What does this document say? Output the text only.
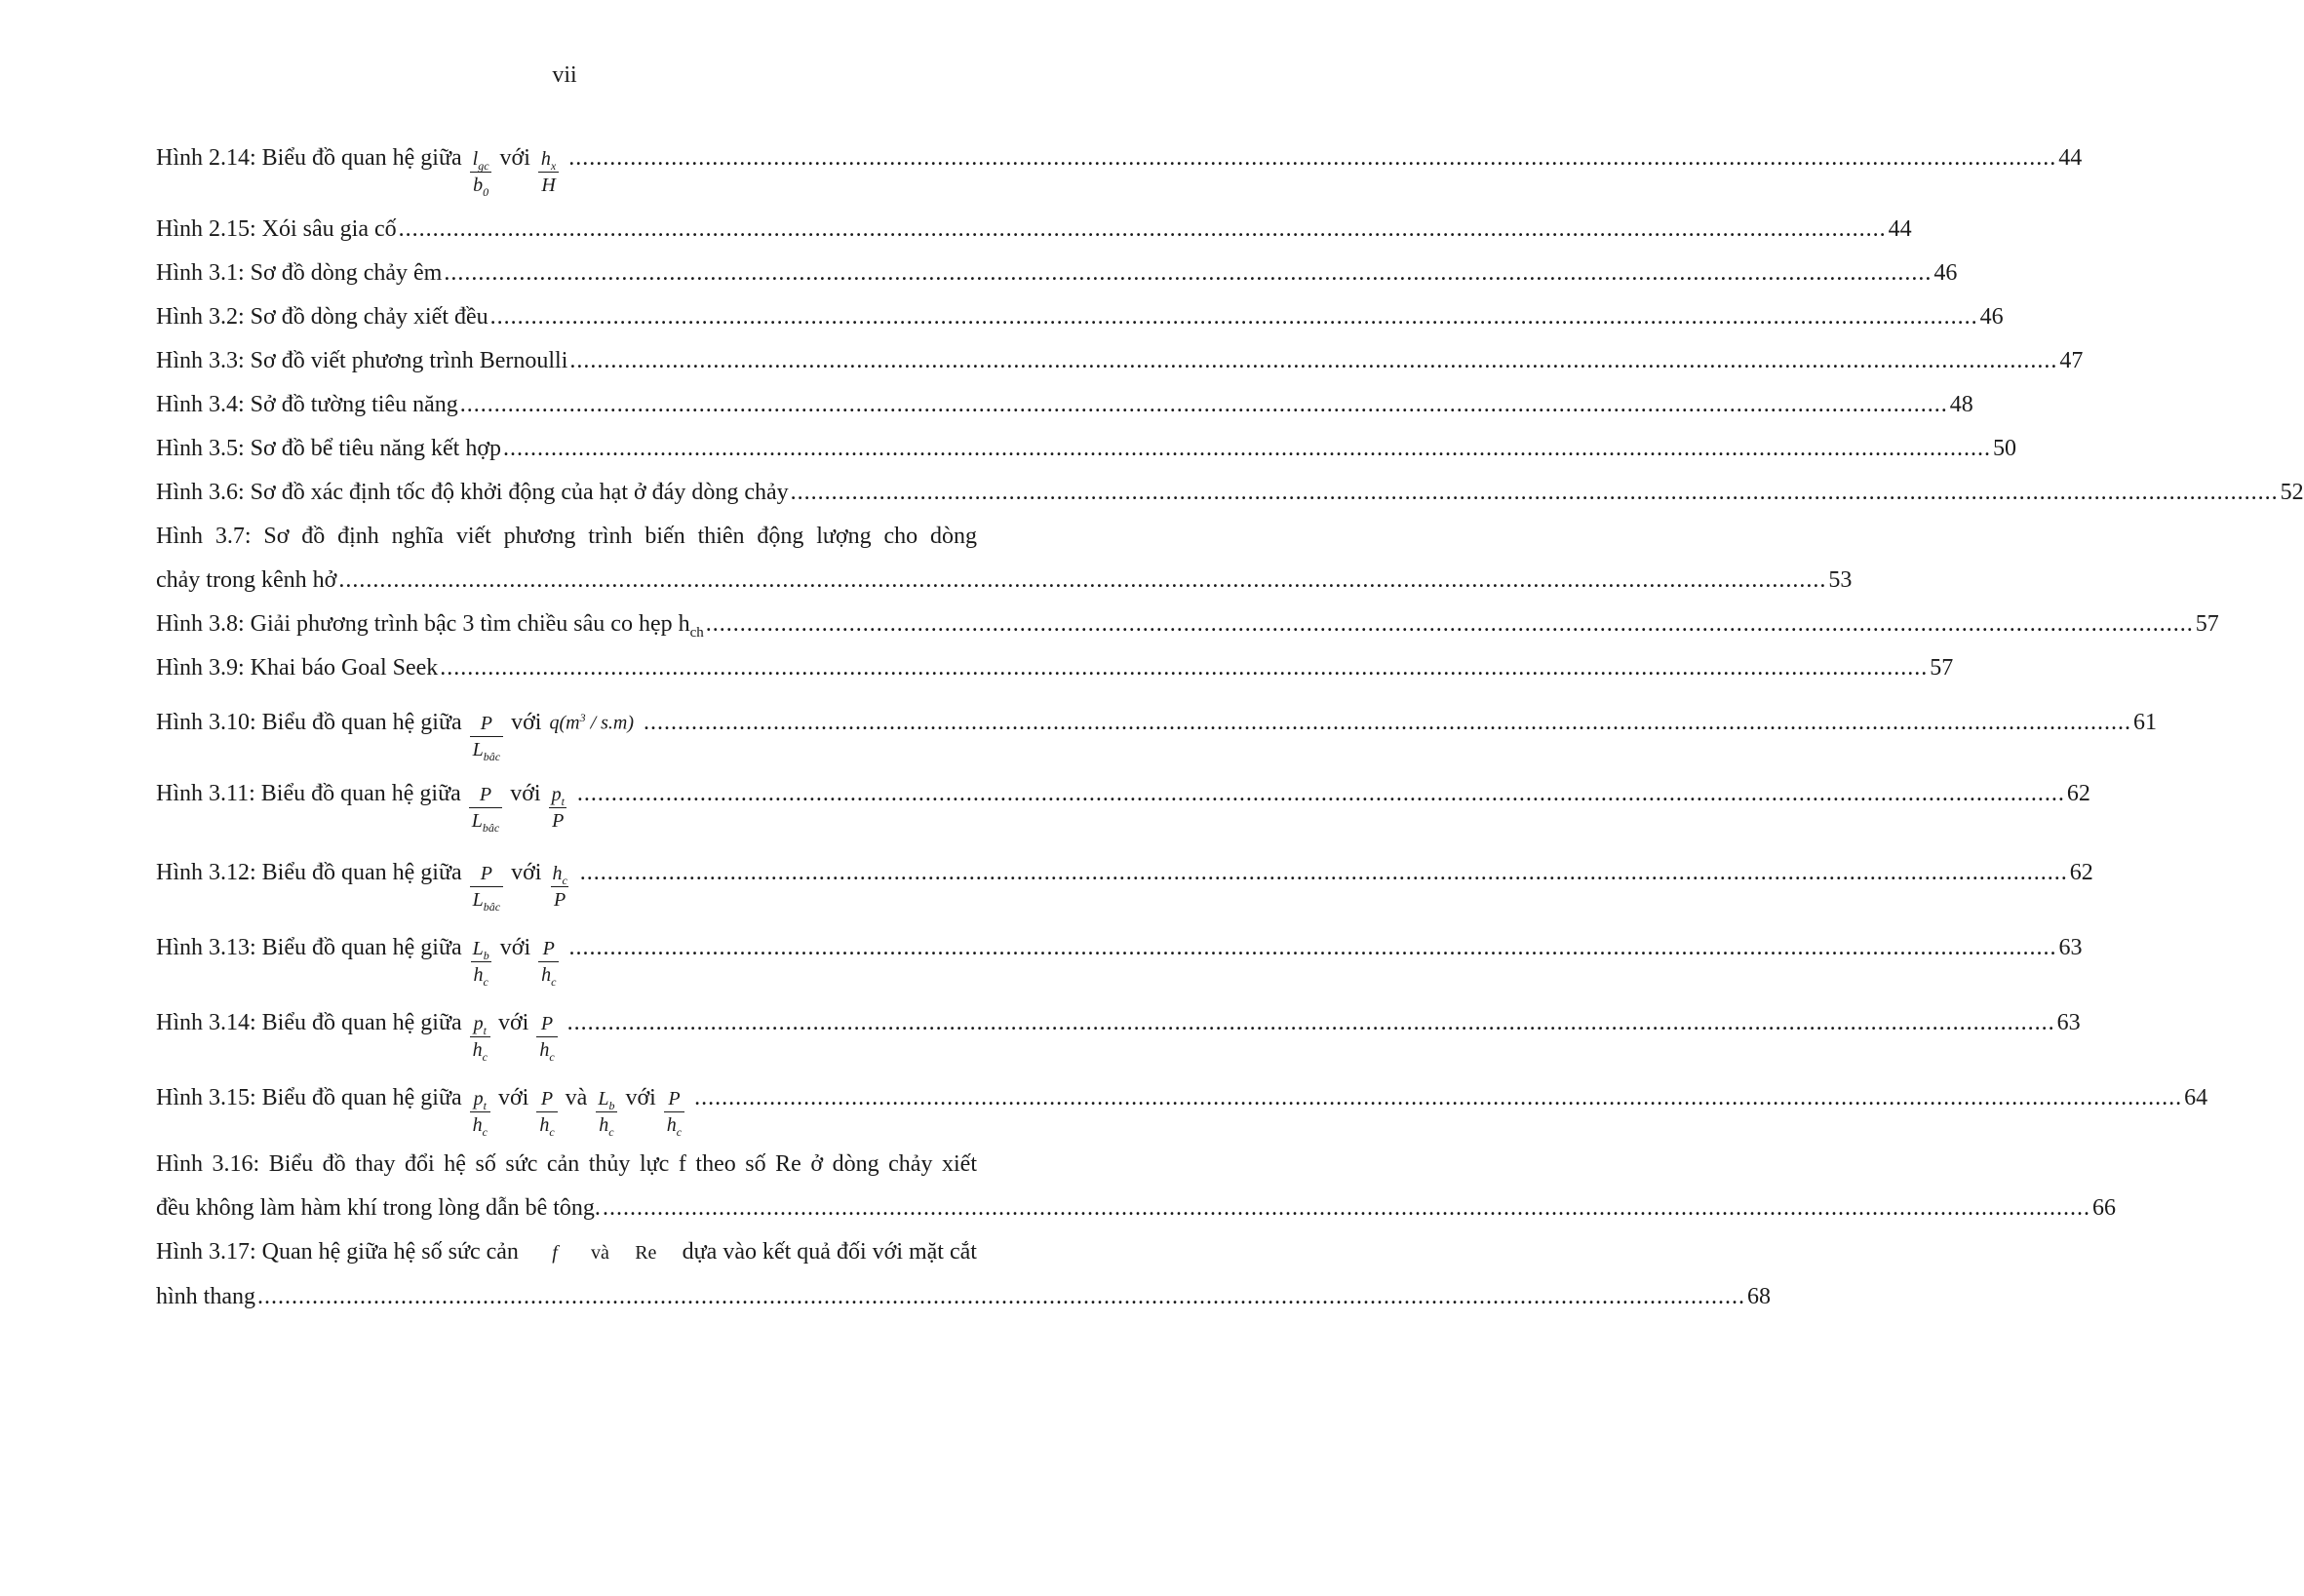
vii
Hình 2.14: Biểu đồ quan hệ giữa $\frac{l_{gc}}{b_0}$ với $\frac{h_x}{H}$ .......................................................................................................................................................................................................................... 44
Hình 2.15: Xói sâu gia cố .......................................................................................................................................................................................................................... 44
Hình 3.1: Sơ đồ dòng chảy êm .......................................................................................................................................................................................................................... 46
Hình 3.2: Sơ đồ dòng chảy xiết đều .......................................................................................................................................................................................................................... 46
Hình 3.3: Sơ đồ viết phương trình Bernoulli .......................................................................................................................................................................................................................... 47
Hình 3.4: Sở đồ tường tiêu năng .......................................................................................................................................................................................................................... 48
Hình 3.5: Sơ đồ bể tiêu năng kết hợp .......................................................................................................................................................................................................................... 50
Hình 3.6: Sơ đồ xác định tốc độ khởi động của hạt ở đáy dòng chảy .......................................................................................................................................................................................................................... 52
Hình 3.7: Sơ đồ định nghĩa viết phương trình biến thiên động lượng cho dòng
chảy trong kênh hở .......................................................................................................................................................................................................................... 53
Hình 3.8: Giải phương trình bậc 3 tìm chiều sâu co hẹp $h_{ch}$ .......................................................................................................................................................................................................................... 57
Hình 3.9: Khai báo Goal Seek .......................................................................................................................................................................................................................... 57
Hình 3.10: Biểu đồ quan hệ giữa $\frac{P}{L_{bâc}}$ với $q(m^3 / s.m)$ .......................................................................................................................................................................................................................... 61
Hình 3.11: Biểu đồ quan hệ giữa $\frac{P}{L_{bâc}}$ với $\frac{p_t}{P}$ .......................................................................................................................................................................................................................... 62
Hình 3.12: Biểu đồ quan hệ giữa $\frac{P}{L_{bâc}}$ với $\frac{h_c}{P}$ .......................................................................................................................................................................................................................... 62
Hình 3.13: Biểu đồ quan hệ giữa $\frac{L_b}{h_c}$ với $\frac{P}{h_c}$ .......................................................................................................................................................................................................................... 63
Hình 3.14: Biểu đồ quan hệ giữa $\frac{p_t}{h_c}$ với $\frac{P}{h_c}$ .......................................................................................................................................................................................................................... 63
Hình 3.15: Biểu đồ quan hệ giữa $\frac{p_t}{h_c}$ với $\frac{P}{h_c}$ và $\frac{L_b}{h_c}$ với $\frac{P}{h_c}$ .......................................................................................................................................................................................................................... 64
Hình 3.16: Biểu đồ thay đổi hệ số sức cản thủy lực f theo số Re ở dòng chảy xiết
đều không làm hàm khí trong lòng dẫn bê tông. .......................................................................................................................................................................................................................... 66
Hình 3.17: Quan hệ giữa hệ số sức cản f và Re dựa vào kết quả đối với mặt cắt
hình thang .......................................................................................................................................................................................................................... 68
